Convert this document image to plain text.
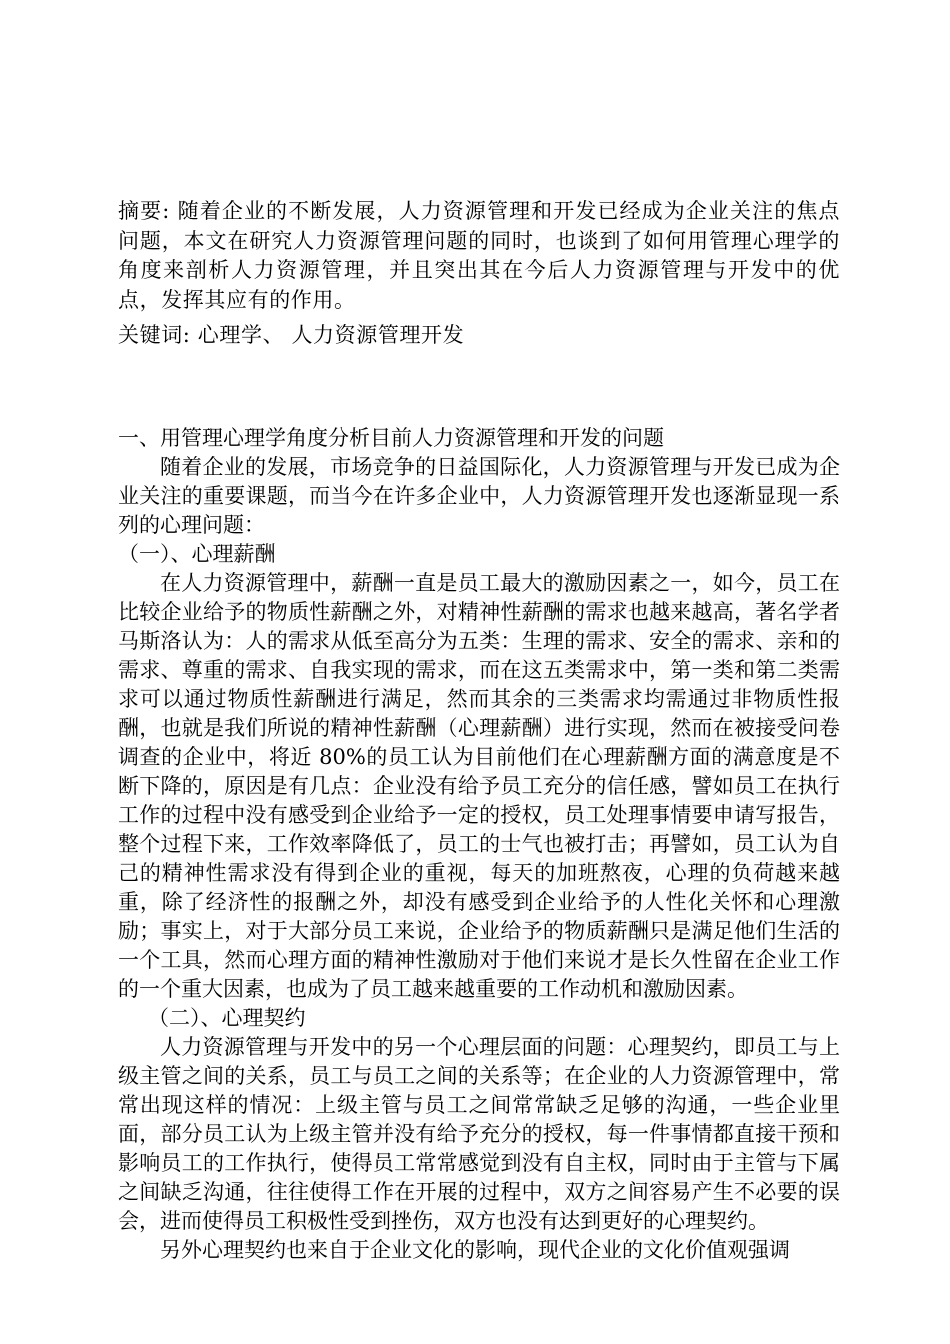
摘要: 随着企业的不断发展，人力资源管理和开发已经成为企业关注的焦点问题，本文在研究人力资源管理问题的同时，也谈到了如何用管理心理学的角度来剖析人力资源管理，并且突出其在今后人力资源管理与开发中的优点，发挥其应有的作用。

关键词: 心理学、 人力资源管理开发

一、用管理心理学角度分析目前人力资源管理和开发的问题

随着企业的发展，市场竞争的日益国际化，人力资源管理与开发已成为企业关注的重要课题，而当今在许多企业中，人力资源管理开发也逐渐显现一系列的心理问题：

（一）、心理薪酬

在人力资源管理中，薪酬一直是员工最大的激励因素之一，如今，员工在比较企业给予的物质性薪酬之外，对精神性薪酬的需求也越来越高，著名学者马斯洛认为：人的需求从低至高分为五类：生理的需求、安全的需求、亲和的需求、尊重的需求、自我实现的需求，而在这五类需求中，第一类和第二类需求可以通过物质性薪酬进行满足，然而其余的三类需求均需通过非物质性报酬，也就是我们所说的精神性薪酬（心理薪酬）进行实现，然而在被接受问卷调查的企业中，将近 80%的员工认为目前他们在心理薪酬方面的满意度是不断下降的，原因是有几点：企业没有给予员工充分的信任感，譬如员工在执行工作的过程中没有感受到企业给予一定的授权，员工处理事情要申请写报告，整个过程下来，工作效率降低了，员工的士气也被打击；再譬如，员工认为自己的精神性需求没有得到企业的重视，每天的加班熬夜，心理的负荷越来越重，除了经济性的报酬之外，却没有感受到企业给予的人性化关怀和心理激励；事实上，对于大部分员工来说，企业给予的物质薪酬只是满足他们生活的一个工具，然而心理方面的精神性激励对于他们来说才是长久性留在企业工作的一个重大因素，也成为了员工越来越重要的工作动机和激励因素。

（二）、心理契约

人力资源管理与开发中的另一个心理层面的问题：心理契约，即员工与上级主管之间的关系，员工与员工之间的关系等；在企业的人力资源管理中，常常出现这样的情况：上级主管与员工之间常常缺乏足够的沟通，一些企业里面，部分员工认为上级主管并没有给予充分的授权，每一件事情都直接干预和影响员工的工作执行，使得员工常常感觉到没有自主权，同时由于主管与下属之间缺乏沟通，往往使得工作在开展的过程中，双方之间容易产生不必要的误会，进而使得员工积极性受到挫伤，双方也没有达到更好的心理契约。

另外心理契约也来自于企业文化的影响，现代企业的文化价值观强调
